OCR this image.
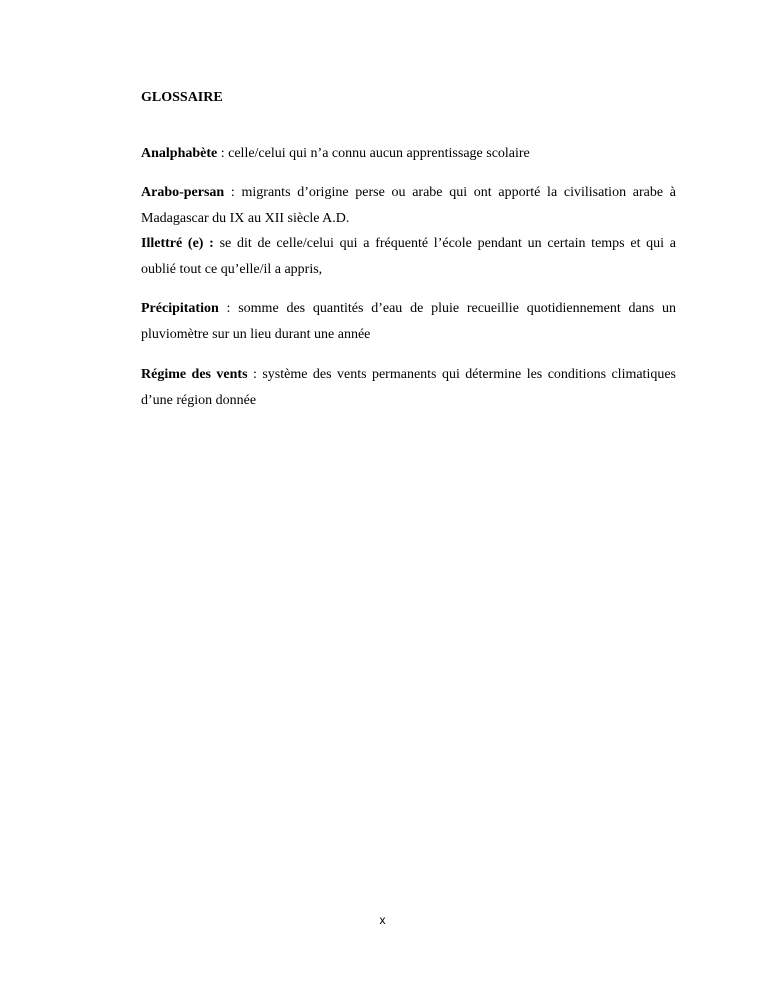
GLOSSAIRE

Analphabète : celle/celui qui n’a connu aucun apprentissage scolaire

Arabo-persan : migrants d’origine perse ou arabe qui ont apporté la civilisation arabe à Madagascar du IX au XII siècle A.D.

Illettré (e) : se dit de celle/celui qui a fréquenté l’école pendant un certain temps et qui a oublié tout ce qu’elle/il a appris,

Précipitation : somme des quantités d’eau de pluie recueillie quotidiennement dans un pluviomètre sur un lieu durant une année

Régime des vents : système des vents permanents qui détermine les conditions climatiques d’une région donnée

x
